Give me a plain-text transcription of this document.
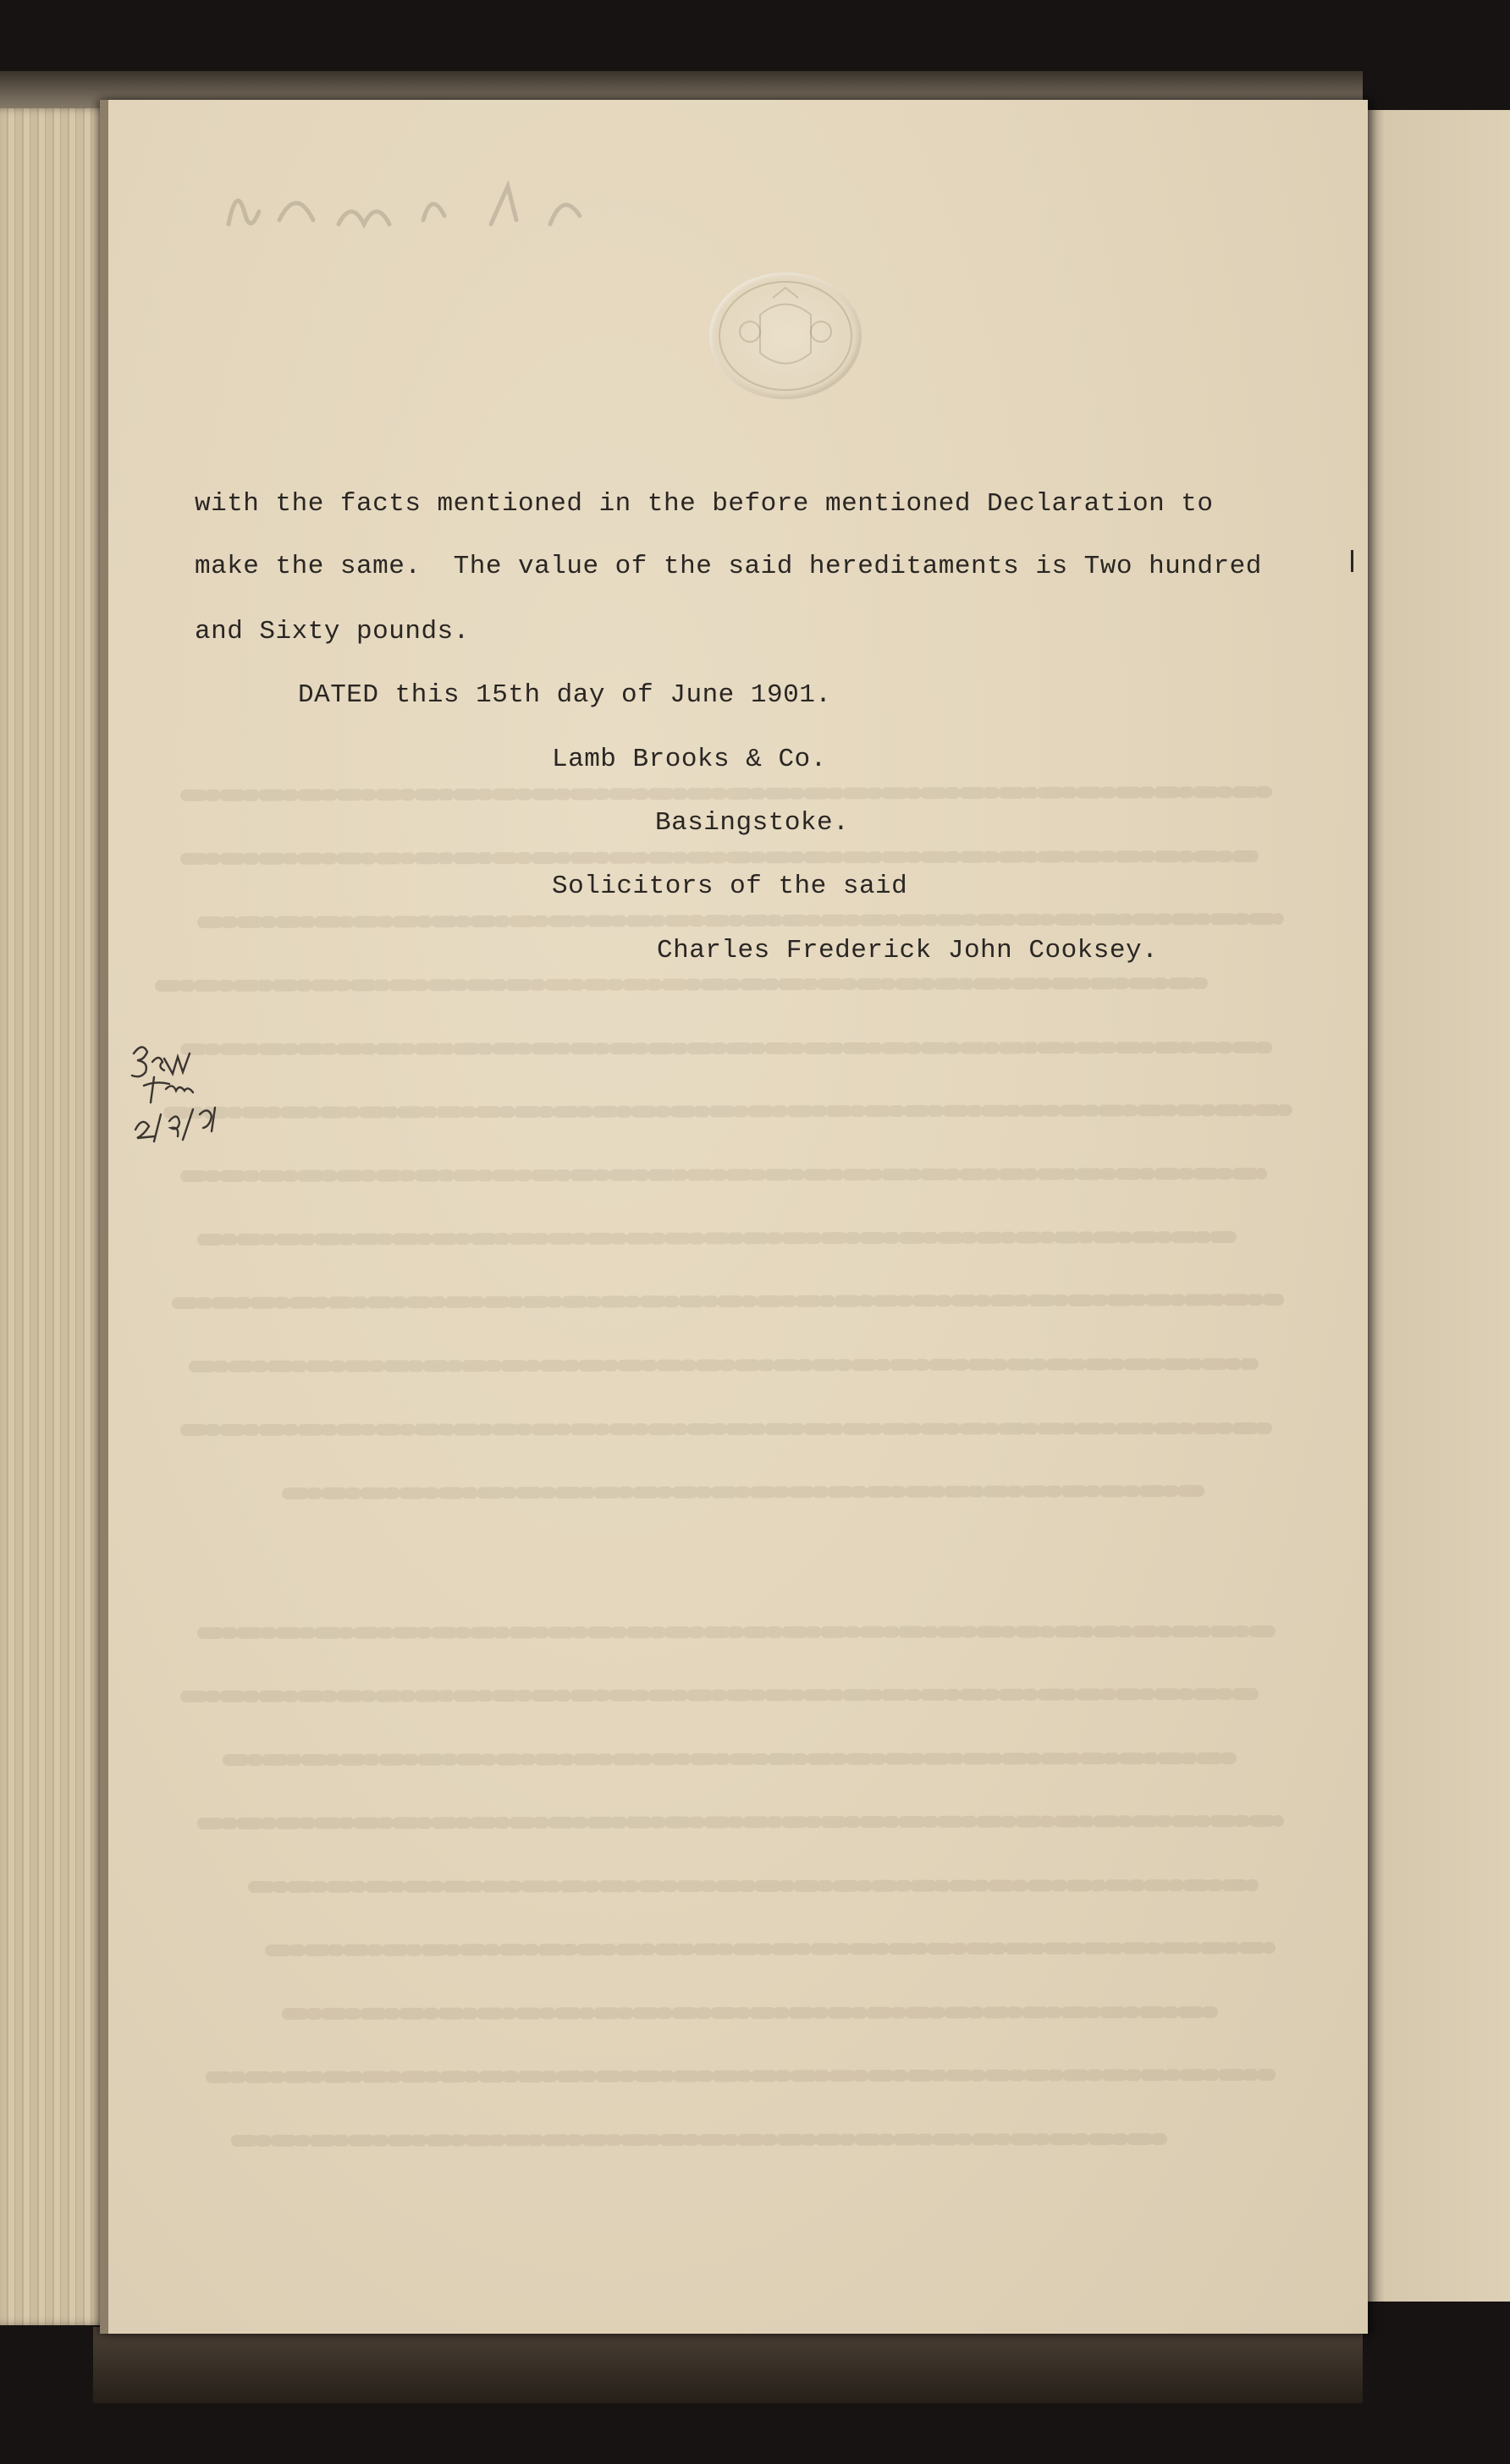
with the facts mentioned in the before mentioned Declaration to
make the same.  The value of the said hereditaments is Two hundred
and Sixty pounds.
DATED this 15th day of June 1901.
Lamb Brooks & Co.
Basingstoke.
Solicitors of the said
Charles Frederick John Cooksey.
